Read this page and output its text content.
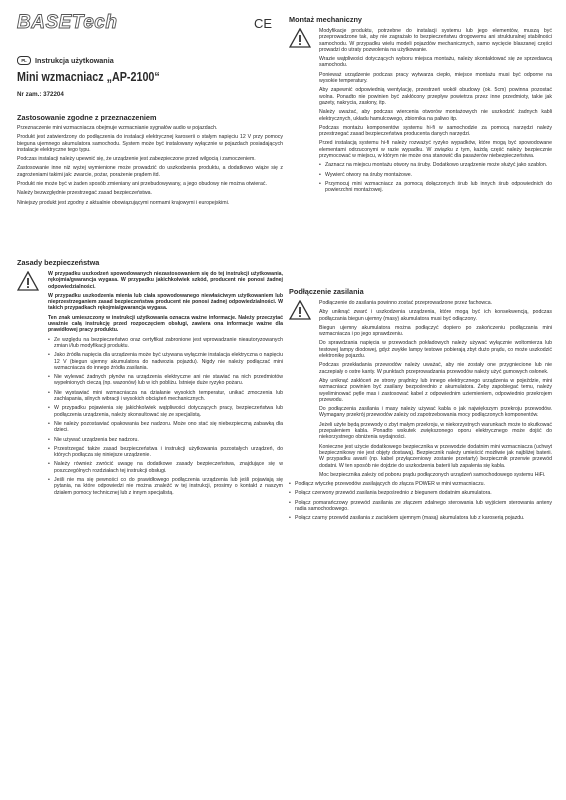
BASETech	CE
PL	Instrukcja użytkowania
Mini wzmacniacz „AP-2100“
Nr zam.: 372204
Zastosowanie zgodne z przeznaczeniem

Przeznaczenie mini wzmacniacza obejmuje wzmacnianie sygnałów audio w pojazdach.

Produkt jest zatwierdzony do podłączenia do instalacji elektrycznej karoserii o stałym napięciu 12 V przy pomocy bieguna ujemnego akumulatora samochodu. System może być instalowany wyłącznie w pojazdach posiadających instalacje elektryczne tego typu.

Podczas instalacji należy upewnić się, że urządzenie jest zabezpieczone przed wilgocią i zamoczeniem.

Zastosowanie inne niż wyżej wymienione może prowadzić do uszkodzenia produktu, a dodatkowo wiąże się z zagrożeniami takimi jak: zwarcie, pożar, porażenie prądem itd.

Produkt nie może być w żaden sposób zmieniany ani przebudowywany, a jego obudowy nie można otwierać.

Należy bezwzględnie przestrzegać zasad bezpieczeństwa.

Niniejszy produkt jest zgodny z aktualnie obowiązującymi normami krajowymi i europejskimi.

Zasady bezpieczeństwa

W przypadku uszkodzeń spowodowanych niezastosowaniem się do tej instrukcji użytkowania, rękojmia/gwarancja wygasa. W przypadku jakichkolwiek szkód, producent nie ponosi żadnej odpowiedzialności.

W przypadku uszkodzenia mienia lub ciała spowodowanego niewłaściwym użytkowaniem lub nieprzestrzeganiem zasad bezpieczeństwa producent nie ponosi żadnej odpowiedzialności. W takich przypadkach rękojmia/gwarancja wygasa.

Ten znak umieszczony w instrukcji użytkowania oznacza ważne informacje. Należy przeczytać uważnie całą instrukcję przed rozpoczęciem obsługi, zawiera ona informacje ważne dla prawidłowej pracy produktu.

• Ze względu na bezpieczeństwo oraz certyfikat zabronione jest wprowadzanie nieautoryzowanych zmian i/lub modyfikacji produktu.

• Jako źródła napięcia dla urządzenia może być używana wyłącznie instalacja elektryczna o napięciu 12 V (biegun ujemny akumulatora do nadwozia pojazdu). Nigdy nie należy podłączać mini wzmacniacza do innego źródła zasilania.

• Nie wylewać żadnych płynów na urządzenia elektryczne ani nie stawiać na nich przedmiotów wypełnionych cieczą (np. wazonów) lub w ich pobliżu. Istnieje duże ryzyko pożaru.

• Nie wystawiać mini wzmacniacza na działanie wysokich temperatur, unikać zmoczenia lub zachlapania, silnych wibracji i wysokich obciążeń mechanicznych.

• W przypadku pojawienia się jakichkolwiek wątpliwości dotyczących pracy, bezpieczeństwa lub podłączenia urządzenia, należy skonsultować się ze specjalistą.

• Nie należy pozostawiać opakowania bez nadzoru. Może ono stać się niebezpieczną zabawką dla dzieci.

• Nie używać urządzenia bez nadzoru.

• Przestrzegać także zasad bezpieczeństwa i instrukcji użytkowania pozostałych urządzeń, do których podłącza się niniejsze urządzenie.

• Należy również zwrócić uwagę na dodatkowe zasady bezpieczeństwa, znajdujące się w poszczególnych rozdziałach tej instrukcji obsługi.

• Jeśli nie ma się pewności co do prawidłowego podłączenia urządzenia lub jeśli pojawiają się pytania, na które odpowiedzi nie można znaleźć w tej instrukcji, prosimy o kontakt z naszym działem pomocy technicznej lub z innym specjalistą.

Montaż mechaniczny

Modyfikacje produktu, potrzebne do instalacji systemu lub jego elementów, muszą być przeprowadzone tak, aby nie zagrażało to bezpieczeństwu drogowemu ani strukturalnej stabilności samochodu. W przypadku wielu modeli pojazdów mechanicznych, samo wycięcie blaszanej części prowadzi do utraty pozwolenia na użytkowanie.

Wrazie wątpliwości dotyczących wyboru miejsca montażu, należy skontaktować się ze sprzedawcą samochodu.

Ponieważ urządzenie podczas pracy wytwarza ciepło, miejsce montażu musi być odporne na wysokie temperatury.

Aby zapewnić odpowiednią wentylację, przestrzeń wokół obudowy (ok. 5cm) powinna pozostać wolna. Ponadto nie powinien być zakłócony przepływ powietrza przez inne przedmioty, takie jak gazety, nakrycia, zasłony, itp.

Należy uważać, aby podczas wiercenia otworów montażowych nie uszkodzić żadnych kabli elektrycznych, układu hamulcowego, zbiornika na paliwo itp.

Podczas montażu komponentów systemu hi-fi w samochodzie za pomocą narzędzi należy przestrzegać zasad bezpieczeństwa producenta danych narzędzi.

Przed instalacją systemu hi-fi należy rozważyć ryzyko wypadków, które mogą być spowodowane elementami odrzuconymi w razie wypadku. W związku z tym, każdą część należy bezpiecznie przymocować w miejscu, w którym nie może ona stanowić dla pasażerów niebezpieczeństwa.

• Zaznacz na miejscu montażu otwory na śruby. Dodatkowo urządzenie może służyć jako szablon.

• Wywierć otwory na śruby montażowe.

• Przymocuj mini wzmacniacz za pomocą dołączonych śrub lub innych śrub odpowiednich do powierzchni montażowej.

Podłączenie zasilania

Podłączenie do zasilania powinno zostać przeprowadzone przez fachowca.

Aby uniknąć zwarć i uszkodzenia urządzenia, które mogą być ich konsekwencją, podczas podłączania biegun ujemny (masy) akumulatora musi być odłączony.

Biegun ujemny akumulatora można podłączyć dopiero po zakończeniu podłączania mini wzmacniacza i po jego sprawdzeniu.

Do sprawdzania napięcia w przewodach pokładowych należy używać wyłącznie woltomierza lub testowej lampy diodowej, gdyż zwykłe lampy testowe pobierają zbyt dużo prądu, co może uszkodzić elektronikę pojazdu.

Podczas przekładania przewodów należy uważać, aby nie zostały one przygniecione lub nie zaczepiały o ostre kanty. W punktach przeprowadzania przewodów należy użyć gumowych osłonek.

Aby uniknąć zakłóceń ze strony prądnicy lub innego elektrycznego urządzenia w pojeździe, mini wzmacniacz powinien być zasilany bezpośrednio z akumulatora. Żeby zapobiegać temu, należy wyeliminować pętle mas i zastosować kabel z odpowiednim uziemieniem, odpowiednio przekrojem przewodu.

Do podłączenia zasilania i masy należy używać kabla o jak największym przekroju przewodów. Wymagany przekrój przewodów zależy od zapotrzebowania mocy podłączonych komponentów.

Jeżeli użyte będą przewody o zbyt małym przekroju, w niekorzystnych warunkach może to skutkować przepaleniem kabla. Ponadto wskutek zwiększonego oporu elektrycznego może dojść do niekorzystnego obniżenia wydajności.

Konieczne jest użycie dodatkowego bezpiecznika w przewodzie dodatnim mini wzmacniacza (uchwyt bezpiecznikowy nie jest objęty dostawą). Bezpiecznik należy umieścić możliwie jak najbliżej baterii. W przypadku awarii (np. kabel przyłączeniowy zostanie przetarty) bezpiecznik przerwie przewód dodatni. W ten sposób nie dojdzie do uszkodzenia baterii lub zapalenia się kabla.

Moc bezpiecznika zależy od poboru prądu podłączonych urządzeń samochodowego systemu HiFi.

• Podłącz wtyczkę przewodów zasilających do złącza POWER w mini wzmacniaczu.

• Połącz czerwony przewód zasilania bezpośrednio z biegunem dodatnim akumulatora.

• Połącz pomarańczowy przewód zasilania ze złączem zdalnego sterowania lub wyjściem sterowania anteny radia samochodowego.

• Połącz czarny przewód zasilania z zaciskiem ujemnym (masą) akumulatora lub z karoserią pojazdu.
